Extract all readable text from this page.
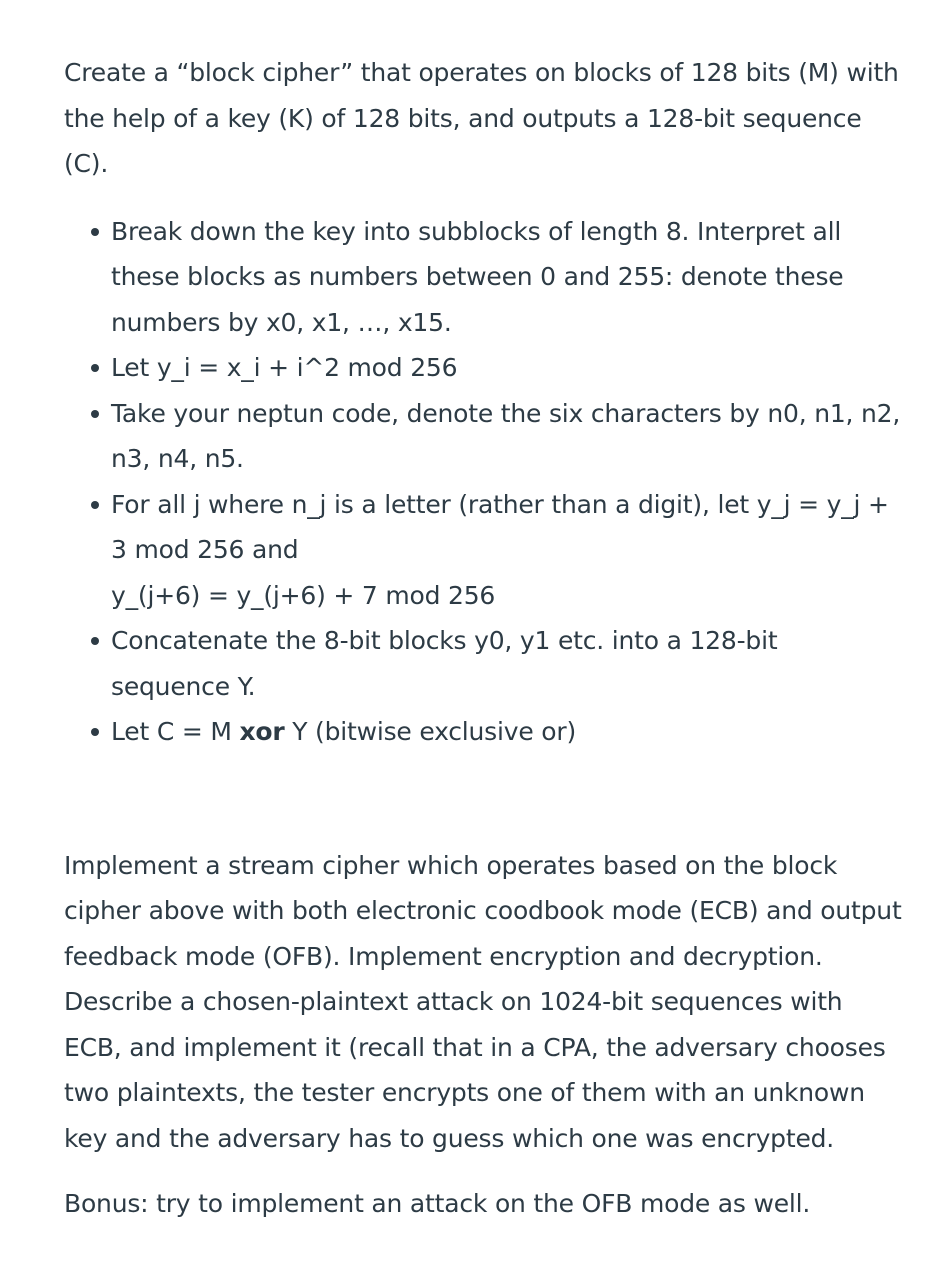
Create a “block cipher” that operates on blocks of 128 bits (M) with the help of a key (K) of 128 bits, and outputs a 128-bit sequence (C).

Break down the key into subblocks of length 8. Interpret all these blocks as numbers between 0 and 255: denote these numbers by x0, x1, …, x15.
Let y_i = x_i + i^2 mod 256
Take your neptun code, denote the six characters by n0, n1, n2, n3, n4, n5.
For all j where n_j is a letter (rather than a digit), let y_j = y_j + 3 mod 256 and
y_(j+6) = y_(j+6) + 7 mod 256
Concatenate the 8-bit blocks y0, y1 etc. into a 128-bit sequence Y.
Let C = M xor Y (bitwise exclusive or)

Implement a stream cipher which operates based on the block cipher above with both electronic coodbook mode (ECB) and output feedback mode (OFB). Implement encryption and decryption. Describe a chosen-plaintext attack on 1024-bit sequences with ECB, and implement it (recall that in a CPA, the adversary chooses two plaintexts, the tester encrypts one of them with an unknown key and the adversary has to guess which one was encrypted.

Bonus: try to implement an attack on the OFB mode as well.
